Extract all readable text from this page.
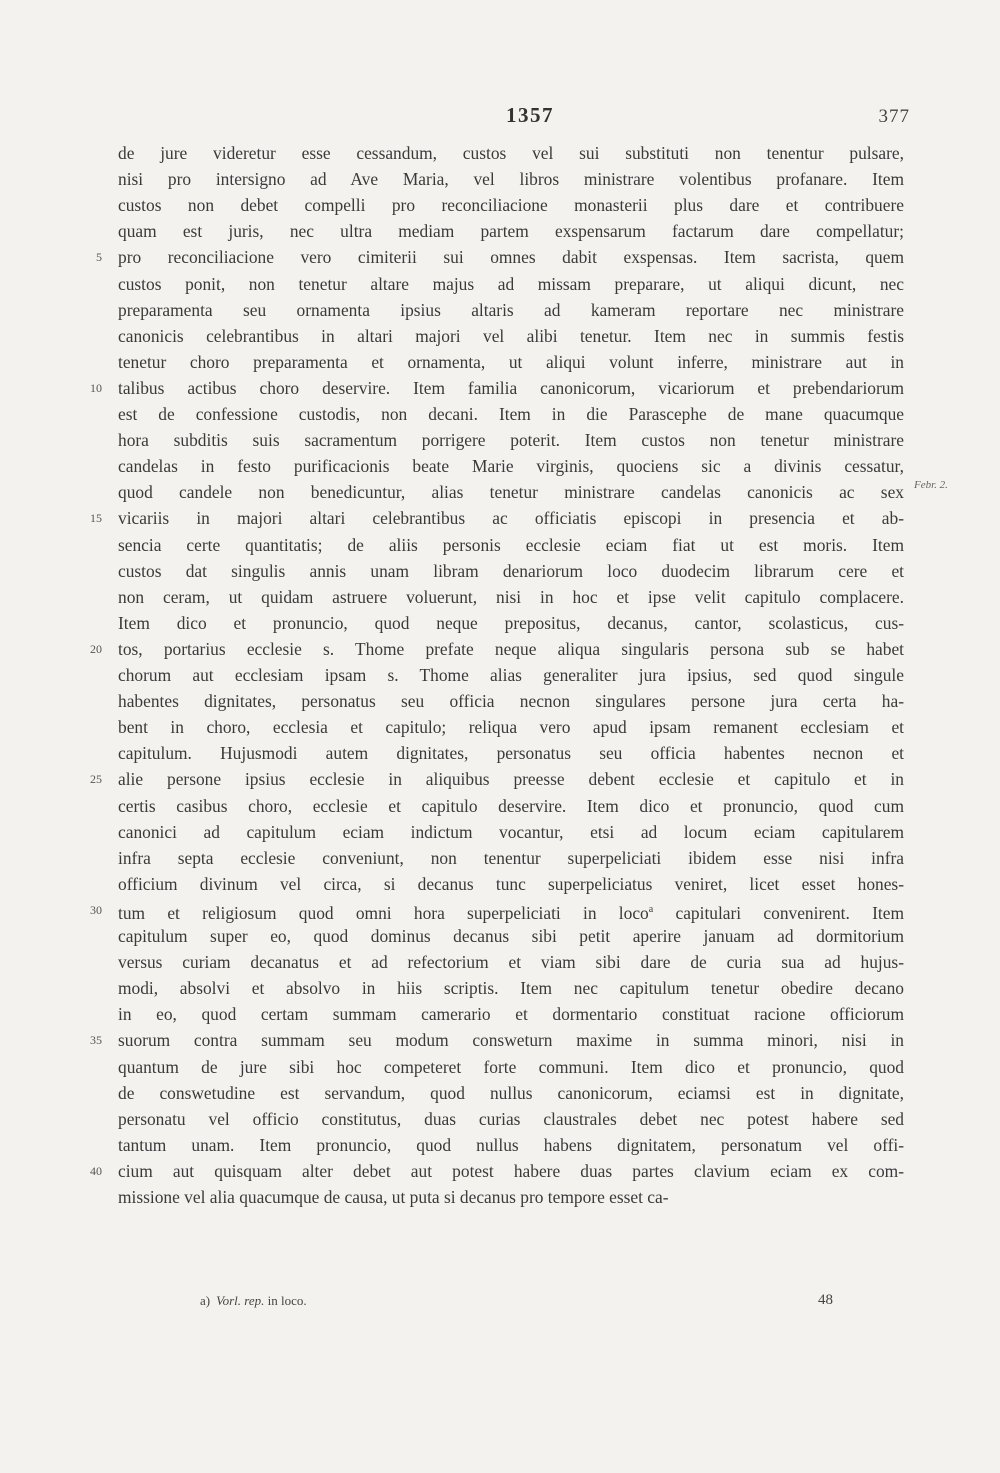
1357	377
de jure videretur esse cessandum, custos vel sui substituti non tenentur pulsare,
nisi pro intersigno ad Ave Maria, vel libros ministrare volentibus profanare. Item
custos non debet compelli pro reconciliacione monasterii plus dare et contribuere
quam est juris, nec ultra mediam partem exspensarum factarum dare compellatur;
pro reconciliacione vero cimiterii sui omnes dabit exspensas. Item sacrista, quem
custos ponit, non tenetur altare majus ad missam preparare, ut aliqui dicunt, nec
preparamenta seu ornamenta ipsius altaris ad kameram reportare nec ministrare
canonicis celebrantibus in altari majori vel alibi tenetur. Item nec in summis festis
tenetur choro preparamenta et ornamenta, ut aliqui volunt inferre, ministrare aut in
talibus actibus choro deservire. Item familia canonicorum, vicariorum et prebendariorum
est de confessione custodis, non decani. Item in die Parascephe de mane quacumque
hora subditis suis sacramentum porrigere poterit. Item custos non tenetur ministrare
candelas in festo purificacionis beate Marie virginis, quociens sic a divinis cessatur,
quod candele non benedicuntur, alias tenetur ministrare candelas canonicis ac sex
vicariis in majori altari celebrantibus ac officiatis episcopi in presencia et ab-
sencia certe quantitatis; de aliis personis ecclesie eciam fiat ut est moris. Item
custos dat singulis annis unam libram denariorum loco duodecim librarum cere et
non ceram, ut quidam astruere voluerunt, nisi in hoc et ipse velit capitulo complacere.
Item dico et pronuncio, quod neque prepositus, decanus, cantor, scolasticus, cus-
tos, portarius ecclesie s. Thome prefate neque aliqua singularis persona sub se habet
chorum aut ecclesiam ipsam s. Thome alias generaliter jura ipsius, sed quod singule
habentes dignitates, personatus seu officia necnon singulares persone jura certa ha-
bent in choro, ecclesia et capitulo; reliqua vero apud ipsam remanent ecclesiam et
capitulum. Hujusmodi autem dignitates, personatus seu officia habentes necnon et
alie persone ipsius ecclesie in aliquibus preesse debent ecclesie et capitulo et in
certis casibus choro, ecclesie et capitulo deservire. Item dico et pronuncio, quod cum
canonici ad capitulum eciam indictum vocantur, etsi ad locum eciam capitularem
infra septa ecclesie conveniunt, non tenentur superpeliciati ibidem esse nisi infra
officium divinum vel circa, si decanus tunc superpeliciatus veniret, licet esset hones-
tum et religiosum quod omni hora superpeliciati in loco$^a$ capitulari convenirent. Item
capitulum super eo, quod dominus decanus sibi petit aperire januam ad dormitorium
versus curiam decanatus et ad refectorium et viam sibi dare de curia sua ad hujus-
modi, absolvi et absolvo in hiis scriptis. Item nec capitulum tenetur obedire decano
in eo, quod certam summam camerario et dormentario constituat racione officiorum
suorum contra summam seu modum consweturn maxime in summa minori, nisi in
quantum de jure sibi hoc competeret forte communi. Item dico et pronuncio, quod
de conswetudine est servandum, quod nullus canonicorum, eciamsi est in dignitate,
personatu vel officio constitutus, duas curias claustrales debet nec potest habere sed
tantum unam. Item pronuncio, quod nullus habens dignitatem, personatum vel offi-
cium aut quisquam alter debet aut potest habere duas partes clavium eciam ex com-
missione vel alia quacumque de causa, ut puta si decanus pro tempore esset ca-
5
10
15
20
25
30
35
40
Febr. 2.
a) Vorl. rep. in loco.	48
